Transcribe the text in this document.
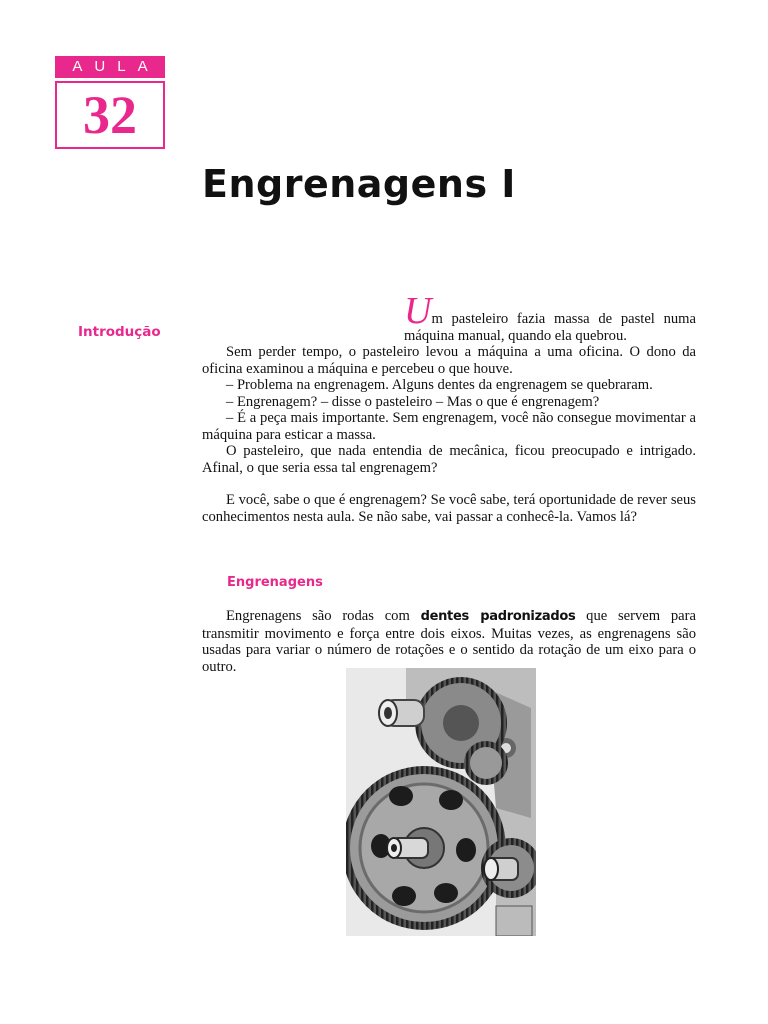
AULA
32
Engrenagens I
Introdução	Um pasteleiro fazia massa de pastel numa máquina manual, quando ela quebrou.

Sem perder tempo, o pasteleiro levou a máquina a uma oficina. O dono da oficina examinou a máquina e percebeu o que houve.

– Problema na engrenagem. Alguns dentes da engrenagem se quebraram.

– Engrenagem? – disse o pasteleiro – Mas o que é engrenagem?

– É a peça mais importante. Sem engrenagem, você não consegue movimentar a máquina para esticar a massa.

O pasteleiro, que nada entendia de mecânica, ficou preocupado e intrigado. Afinal, o que seria essa tal engrenagem?

E você, sabe o que é engrenagem? Se você sabe, terá oportunidade de rever seus conhecimentos nesta aula. Se não sabe, vai passar a conhecê-la. Vamos lá?

Engrenagens

Engrenagens são rodas com dentes padronizados que servem para transmitir movimento e força entre dois eixos. Muitas vezes, as engrenagens são usadas para variar o número de rotações e o sentido da rotação de um eixo para o outro.
